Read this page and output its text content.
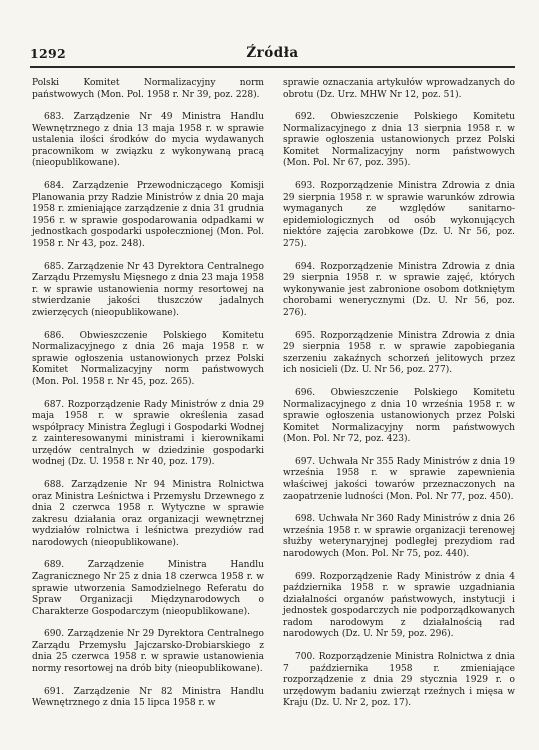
1292	Źródła

Polski Komitet Normalizacyjny norm państwowych (Mon. Pol. 1958 r. Nr 39, poz. 228).

683. Zarządzenie Nr 49 Ministra Handlu Wewnętrznego z dnia 13 maja 1958 r. w sprawie ustalenia ilości środków do mycia wydawanych pracownikom w związku z wykonywaną pracą (nieopublikowane).

684. Zarządzenie Przewodniczącego Komisji Planowania przy Radzie Ministrów z dnia 20 maja 1958 r. zmieniające zarządzenie z dnia 31 grudnia 1956 r. w sprawie gospodarowania odpadkami w jednostkach gospodarki uspołecznionej (Mon. Pol. 1958 r. Nr 43, poz. 248).

685. Zarządzenie Nr 43 Dyrektora Centralnego Zarządu Przemysłu Mięsnego z dnia 23 maja 1958 r. w sprawie ustanowienia normy resortowej na stwierdzanie jakości tłuszczów jadalnych zwierzęcych (nieopublikowane).

686. Obwieszczenie Polskiego Komitetu Normalizacyjnego z dnia 26 maja 1958 r. w sprawie ogłoszenia ustanowionych przez Polski Komitet Normalizacyjny norm państwowych (Mon. Pol. 1958 r. Nr 45, poz. 265).

687. Rozporządzenie Rady Ministrów z dnia 29 maja 1958 r. w sprawie określenia zasad współpracy Ministra Żeglugi i Gospodarki Wodnej z zainteresowanymi ministrami i kierownikami urzędów centralnych w dziedzinie gospodarki wodnej (Dz. U. 1958 r. Nr 40, poz. 179).

688. Zarządzenie Nr 94 Ministra Rolnictwa oraz Ministra Leśnictwa i Przemysłu Drzewnego z dnia 2 czerwca 1958 r. Wytyczne w sprawie zakresu działania oraz organizacji wewnętrznej wydziałów rolnictwa i leśnictwa prezydiów rad narodowych (nieopublikowane).

689.	Zarządzenie Ministra Handlu Zagranicznego Nr 25 z dnia 18 czerwca 1958 r. w sprawie utworzenia Samodzielnego Referatu do Spraw Organizacji Międzynarodowych o Charakterze Gospodarczym (nieopublikowane).

690. Zarządzenie Nr 29 Dyrektora Centralnego Zarządu Przemysłu Jajczarsko-Drobiarskiego z dnia 25 czerwca 1958 r. w sprawie ustanowienia normy resortowej na drób bity (nieopublikowane).

691. Zarządzenie Nr 82 Ministra Handlu Wewnętrznego z dnia 15 lipca 1958 r. w

sprawie oznaczania artykułów wprowadzanych do obrotu (Dz. Urz. MHW Nr 12, poz. 51).

692. Obwieszczenie Polskiego Komitetu Normalizacyjnego z dnia 13 sierpnia 1958 r. w sprawie ogłoszenia ustanowionych przez Polski Komitet Normalizacyjny norm państwowych (Mon. Pol. Nr 67, poz. 395).

693. Rozporządzenie Ministra Zdrowia z dnia 29 sierpnia 1958 r. w sprawie warunków zdrowia wymaganych ze względów sanitarno-epidemiologicznych od osób wykonujących niektóre zajęcia zarobkowe (Dz. U. Nr 56, poz. 275).

694. Rozporządzenie Ministra Zdrowia z dnia 29 sierpnia 1958 r. w sprawie zajęć, których wykonywanie jest zabronione osobom dotkniętym chorobami wenerycznymi (Dz. U. Nr 56, poz. 276).

695. Rozporządzenie Ministra Zdrowia z dnia 29 sierpnia 1958 r. w sprawie zapobiegania szerzeniu zakaźnych schorzeń jelitowych przez ich nosicieli (Dz. U. Nr 56, poz. 277).

696. Obwieszczenie Polskiego Komitetu Normalizacyjnego z dnia 10 września 1958 r. w sprawie ogłoszenia ustanowionych przez Polski Komitet Normalizacyjny norm państwowych (Mon. Pol. Nr 72, poz. 423).

697. Uchwała Nr 355 Rady Ministrów z dnia 19 września 1958 r. w sprawie zapewnienia właściwej jakości towarów przeznaczonych na zaopatrzenie ludności (Mon. Pol. Nr 77, poz. 450).

698. Uchwała Nr 360 Rady Ministrów z dnia 26 września 1958 r. w sprawie organizacji terenowej służby weterynaryjnej podległej prezydiom rad narodowych (Mon. Pol. Nr 75, poz. 440).

699. Rozporządzenie Rady Ministrów z dnia 4 października 1958 r. w sprawie uzgadniania działalności organów państwowych, instytucji i jednostek gospodarczych nie podporządkowanych radom narodowym z działalnością rad narodowych (Dz. U. Nr 59, poz. 296).

700. Rozporządzenie Ministra Rolnictwa z dnia 7 października 1958 r. zmieniające rozporządzenie z dnia 29 stycznia 1929 r. o urzędowym badaniu zwierząt rzeźnych i mięsa w Kraju (Dz. U. Nr 2, poz. 17).
